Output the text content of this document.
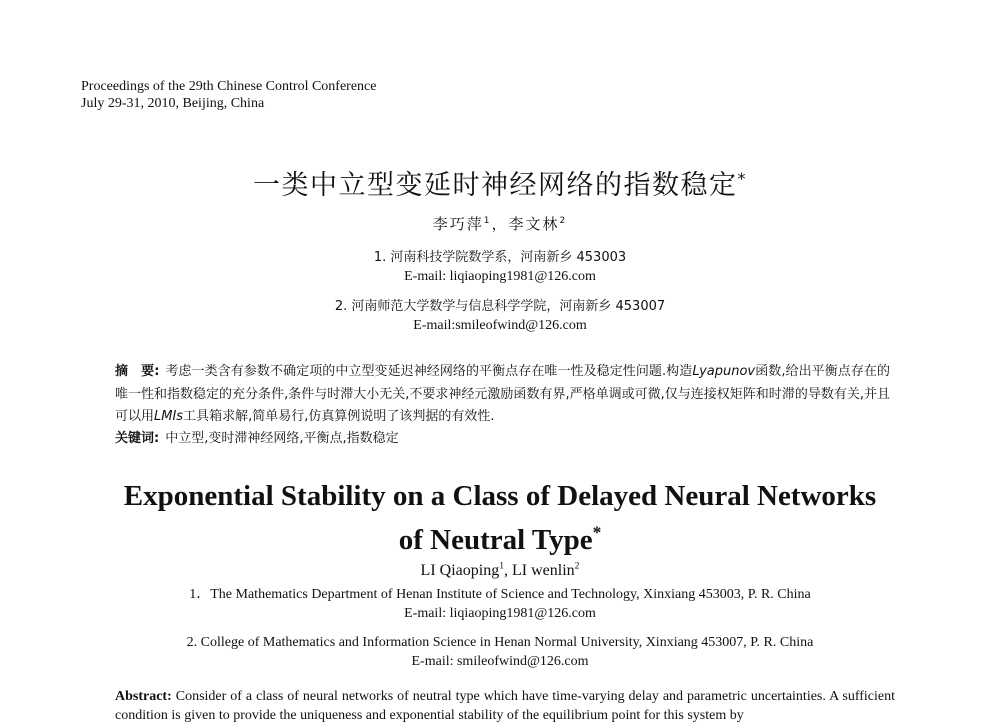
Proceedings of the 29th Chinese Control Conference
July 29-31, 2010, Beijing, China
一类中立型变延时神经网络的指数稳定*
李巧萍$^1$，李文林$^2$
1. 河南科技学院数学系，河南新乡 453003
E-mail: liqiaoping1981@126.com
2. 河南师范大学数学与信息科学学院，河南新乡 453007
E-mail:smileofwind@126.com
摘　要: 考虑一类含有参数不确定项的中立型变延迟神经网络的平衡点存在唯一性及稳定性问题.构造Lyapunov函数,给出平衡点存在的唯一性和指数稳定的充分条件,条件与时滞大小无关,不要求神经元激励函数有界,严格单调或可微,仅与连接权矩阵和时滞的导数有关,并且可以用LMIs工具箱求解,简单易行,仿真算例说明了该判据的有效性.
关键词: 中立型,变时滞神经网络,平衡点,指数稳定
Exponential Stability on a Class of Delayed Neural Networks
of Neutral Type*
LI Qiaoping$^1$, LI wenlin$^2$
1．The Mathematics Department of Henan Institute of Science and Technology, Xinxiang 453003, P. R. China
E-mail: liqiaoping1981@126.com
2. College of Mathematics and Information Science in Henan Normal University, Xinxiang 453007, P. R. China
E-mail: smileofwind@126.com
Abstract: Consider of a class of neural networks of neutral type which have time-varying delay and parametric uncertainties. A sufficient condition is given to provide the uniqueness and exponential stability of the equilibrium point for this system by
